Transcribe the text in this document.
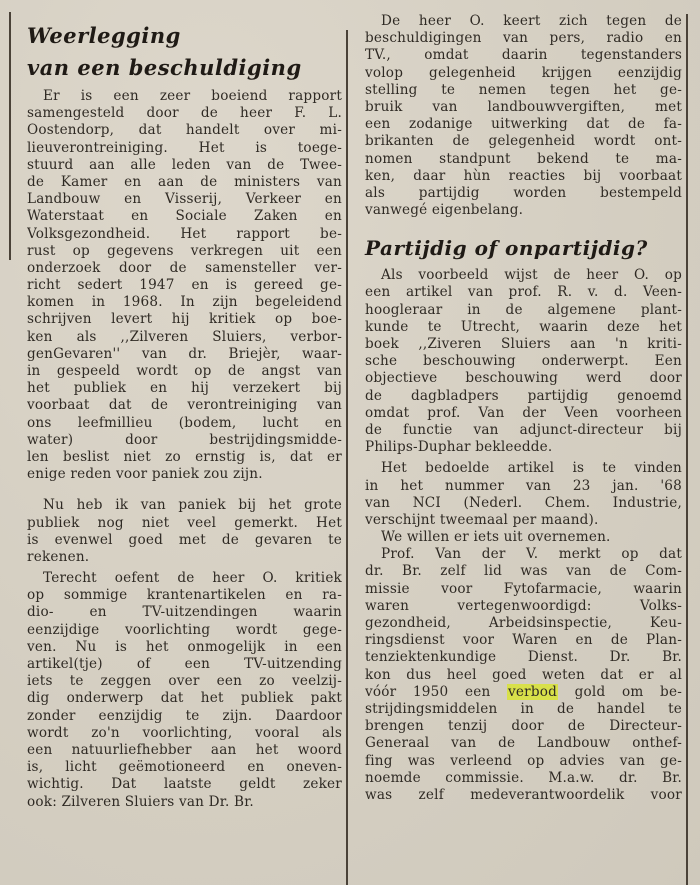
Weerlegging
van een beschuldiging

Er is een zeer boeiend rapport
samengesteld door de heer F. L.
Oostendorp, dat handelt over mi-
lieuverontreiniging. Het is toege-
stuurd aan alle leden van de Twee-
de Kamer en aan de ministers van
Landbouw en Visserij, Verkeer en
Waterstaat en Sociale Zaken en
Volksgezondheid. Het rapport be-
rust op gegevens verkregen uit een
onderzoek door de samensteller ver-
richt sedert 1947 en is gereed ge-
komen in 1968. In zijn begeleidend
schrijven levert hij kritiek op boe-
ken als ,,Zilveren Sluiers, verbor-
genGevaren'' van dr. Briejèr, waar-
in gespeeld wordt op de angst van
het publiek en hij verzekert bij
voorbaat dat de verontreiniging van
ons leefmillieu (bodem, lucht en
water) door bestrijdingsmidde-
len beslist niet zo ernstig is, dat er
enige reden voor paniek zou zijn.

Nu heb ik van paniek bij het grote
publiek nog niet veel gemerkt. Het
is evenwel goed met de gevaren te
rekenen.

Terecht oefent de heer O. kritiek
op sommige krantenartikelen en ra-
dio- en TV-uitzendingen waarin
eenzijdige voorlichting wordt gege-
ven. Nu is het onmogelijk in een
artikel(tje) of een TV-uitzending
iets te zeggen over een zo veelzij-
dig onderwerp dat het publiek pakt
zonder eenzijdig te zijn. Daardoor
wordt zo'n voorlichting, vooral als
een natuurliefhebber aan het woord
is, licht geëmotioneerd en oneven-
wichtig. Dat laatste geldt zeker
ook: Zilveren Sluiers van Dr. Br.

De heer O. keert zich tegen de
beschuldigingen van pers, radio en
TV., omdat daarin tegenstanders
volop gelegenheid krijgen eenzijdig
stelling te nemen tegen het ge-
bruik van landbouwvergiften, met
een zodanige uitwerking dat de fa-
brikanten de gelegenheid wordt ont-
nomen standpunt bekend te ma-
ken, daar hùn reacties bij voorbaat
als partijdig worden bestempeld
vanwegé eigenbelang.

Partijdig of onpartijdig?

Als voorbeeld wijst de heer O. op
een artikel van prof. R. v. d. Veen-
hoogleraar in de algemene plant-
kunde te Utrecht, waarin deze het
boek ,,Ziveren Sluiers aan 'n kriti-
sche beschouwing onderwerpt. Een
objectieve beschouwing werd door
de dagbladpers partijdig genoemd
omdat prof. Van der Veen voorheen
de functie van adjunct-directeur bij
Philips-Duphar bekleedde.

Het bedoelde artikel is te vinden
in het nummer van 23 jan. '68
van NCI (Nederl. Chem. Industrie,
verschijnt tweemaal per maand).

We willen er iets uit overnemen.

Prof. Van der V. merkt op dat
dr. Br. zelf lid was van de Com-
missie voor Fytofarmacie, waarin
waren vertegenwoordigd: Volks-
gezondheid, Arbeidsinspectie, Keu-
ringsdienst voor Waren en de Plan-
tenziektenkundige Dienst. Dr. Br.
kon dus heel goed weten dat er al

vóór 1950 een verbod gold om be-

strijdingsmiddelen in de handel te
brengen tenzij door de Directeur-
Generaal van de Landbouw onthef-
fing was verleend op advies van ge-
noemde commissie. M.a.w. dr. Br.
was zelf medeverantwoordelik voor
